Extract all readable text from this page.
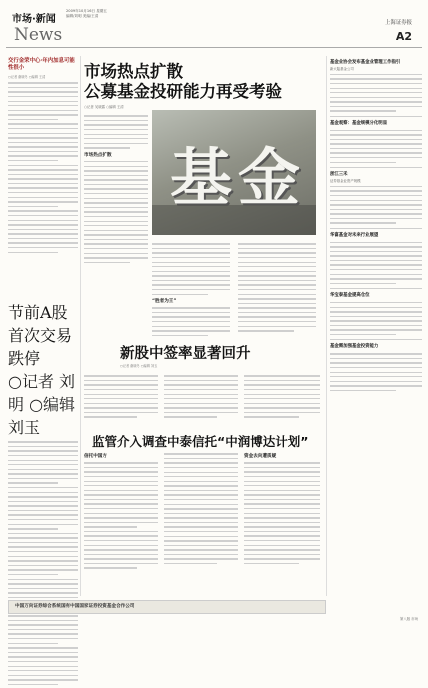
市场·新闻
News
2009年10月16日 星期五
编辑/刘明 美编/王清
上海证券报
A2
交行金荣中心·年内加息可能性很小
○记者 谢晓冬 ○编辑 王清
节前A股首次交易跌停
○记者 刘明 ○编辑 刘玉
市场热点扩散
公募基金投研能力再受考验
○记者 吴晓露 ○编辑 王清
市场热点扩散 基金
“胜者为王”
新股中签率显著回升
○记者 谢晓冬 ○编辑 刘玉
监管介入调查中泰信托“中润博达计划”
信托中国方	资金去向遭质疑
基金业协会发布基金业管理工作指引
新大陆基金公司
基金观察：基金规模分化明显
浙江三禾
证券基金业资产规模
华富基金对未来行业展望
华宝泰基金提高仓位
基金需加强基金投资能力
中国万向证券综合系统国有中国国家证券投资基金合作公司
第八版 市场
